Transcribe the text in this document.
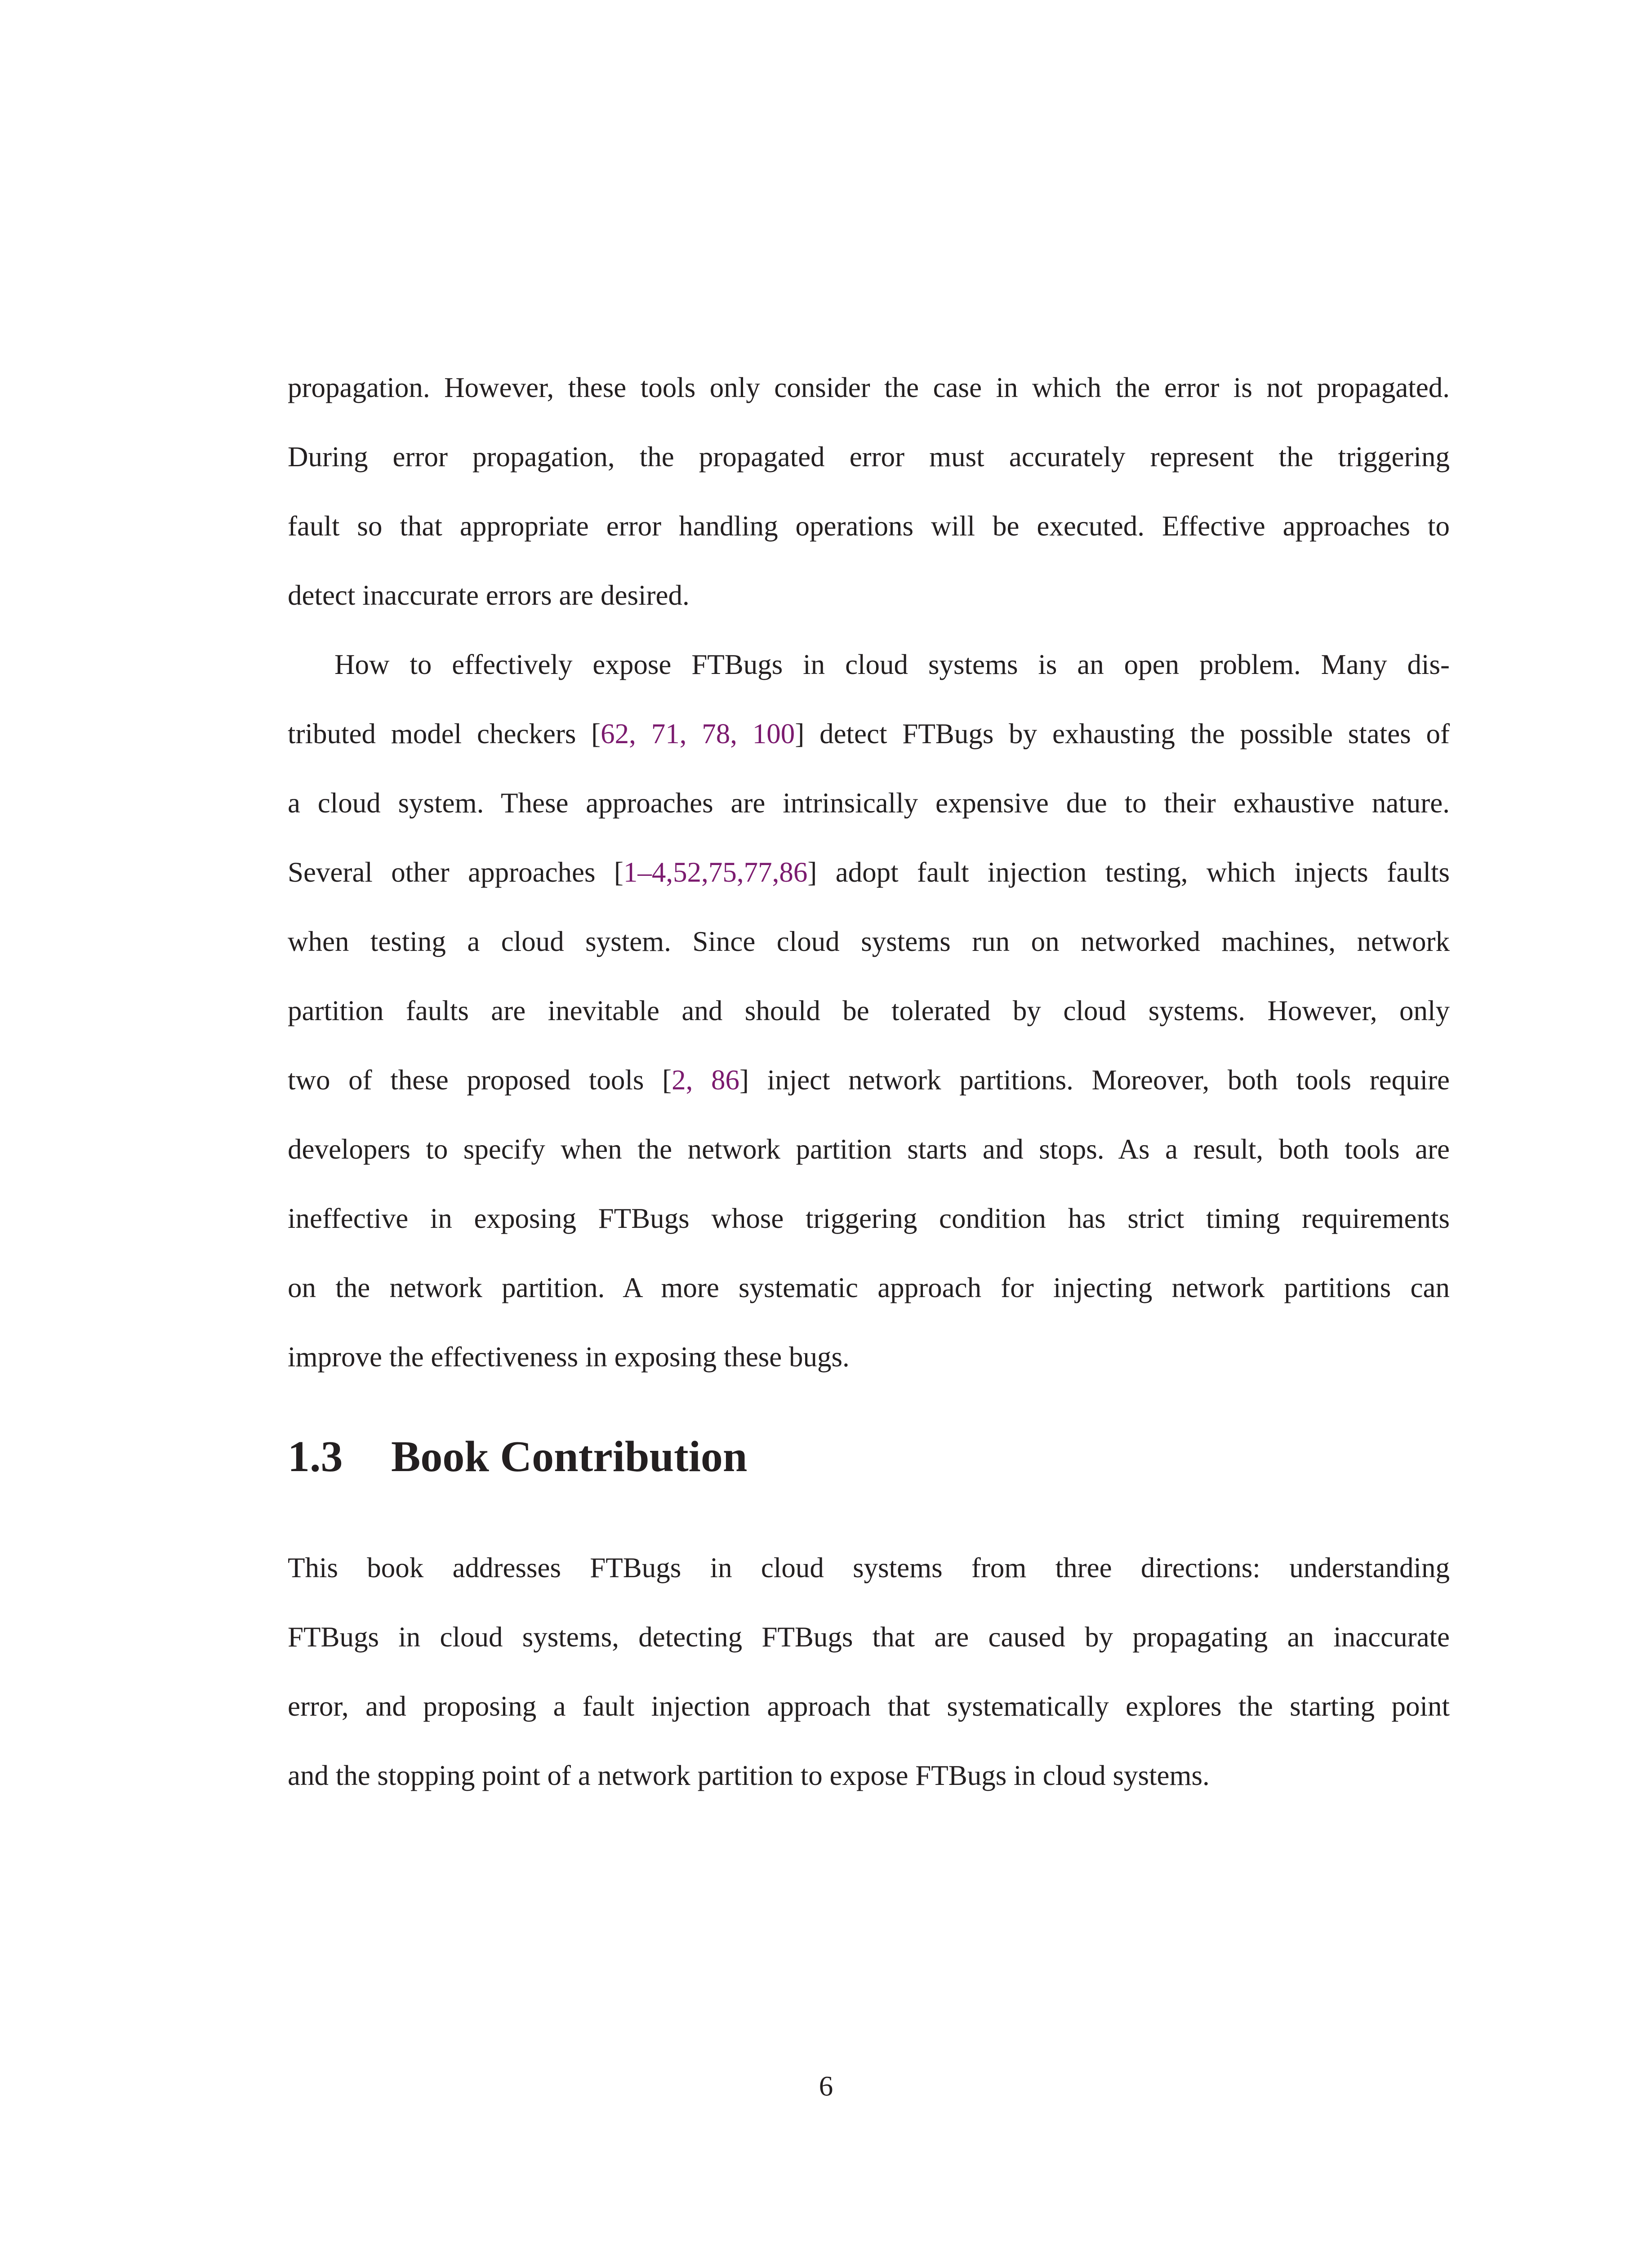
propagation. However, these tools only consider the case in which the error is not propagated.
During error propagation, the propagated error must accurately represent the triggering
fault so that appropriate error handling operations will be executed. Effective approaches to
detect inaccurate errors are desired.

How to effectively expose FTBugs in cloud systems is an open problem. Many dis-
tributed model checkers [62, 71, 78, 100] detect FTBugs by exhausting the possible states of
a cloud system. These approaches are intrinsically expensive due to their exhaustive nature.
Several other approaches [1–4,52,75,77,86] adopt fault injection testing, which injects faults
when testing a cloud system. Since cloud systems run on networked machines, network
partition faults are inevitable and should be tolerated by cloud systems. However, only
two of these proposed tools [2, 86] inject network partitions. Moreover, both tools require
developers to specify when the network partition starts and stops. As a result, both tools are
ineffective in exposing FTBugs whose triggering condition has strict timing requirements
on the network partition. A more systematic approach for injecting network partitions can
improve the effectiveness in exposing these bugs.

1.3 Book Contribution

This book addresses FTBugs in cloud systems from three directions: understanding
FTBugs in cloud systems, detecting FTBugs that are caused by propagating an inaccurate
error, and proposing a fault injection approach that systematically explores the starting point
and the stopping point of a network partition to expose FTBugs in cloud systems.

6
